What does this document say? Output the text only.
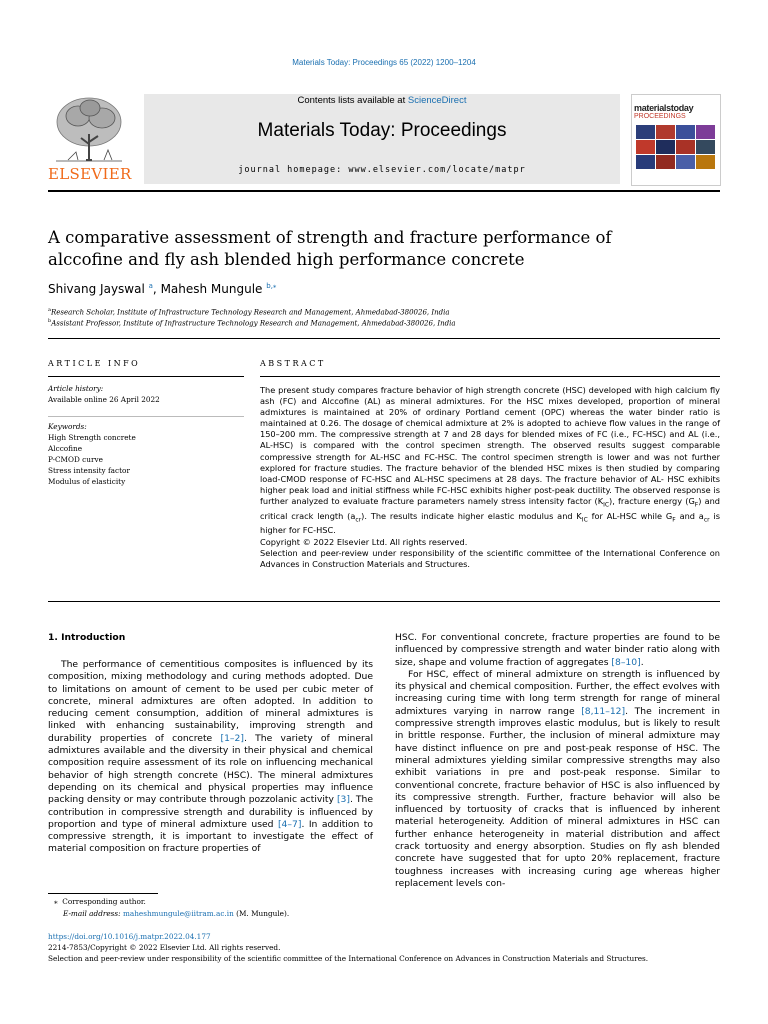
Materials Today: Proceedings 65 (2022) 1200–1204
ELSEVIER
Contents lists available at ScienceDirect
Materials Today: Proceedings
journal homepage: www.elsevier.com/locate/matpr
materialstoday
PROCEEDINGS
A comparative assessment of strength and fracture performance of
alccofine and fly ash blended high performance concrete
Shivang Jayswal $^a$, Mahesh Mungule $^{b,⁎}$
$^a$Research Scholar, Institute of Infrastructure Technology Research and Management, Ahmedabad-380026, India
$^b$Assistant Professor, Institute of Infrastructure Technology Research and Management, Ahmedabad-380026, India
ARTICLE INFO
Article history:
Available online 26 April 2022
Keywords:
High Strength concrete
Alccofine
P-CMOD curve
Stress intensity factor
Modulus of elasticity
ABSTRACT

The present study compares fracture behavior of high strength concrete (HSC) developed with high calcium fly ash (FC) and Alccofine (AL) as mineral admixtures. For the HSC mixes developed, proportion of mineral admixtures is maintained at 20% of ordinary Portland cement (OPC) whereas the water binder ratio is maintained at 0.26. The dosage of chemical admixture at 2% is adopted to achieve flow values in the range of 150–200 mm. The compressive strength at 7 and 28 days for blended mixes of FC (i.e., FC-HSC) and AL (i.e., AL-HSC) is compared with the control specimen strength. The observed results suggest comparable compressive strength for AL-HSC and FC-HSC. The control specimen strength is lower and was not further explored for fracture studies. The fracture behavior of the blended HSC mixes is then studied by comparing load-CMOD response of FC-HSC and AL-HSC specimens at 28 days. The fracture behavior of AL- HSC exhibits higher peak load and initial stiffness while FC-HSC exhibits higher post-peak ductility. The observed response is further analyzed to evaluate fracture parameters namely stress intensity factor $(K_{IC})$, fracture energy $(G_F)$ and critical crack length $(a_{cr})$. The results indicate higher elastic modulus and $K_{IC}$ for AL-HSC while $G_F$ and $a_{cr}$ is higher for FC-HSC.

Copyright © 2022 Elsevier Ltd. All rights reserved.

Selection and peer-review under responsibility of the scientific committee of the International Conference on Advances in Construction Materials and Structures.

1. Introduction

The performance of cementitious composites is influenced by its composition, mixing methodology and curing methods adopted. Due to limitations on amount of cement to be used per cubic meter of concrete, mineral admixtures are often adopted. In addition to reducing cement consumption, addition of mineral admixtures is linked with enhancing sustainability, improving strength and durability properties of concrete [1–2]. The variety of mineral admixtures available and the diversity in their physical and chemical composition require assessment of its role on influencing mechanical behavior of high strength concrete (HSC). The mineral admixtures depending on its chemical and physical properties may influence packing density or may contribute through pozzolanic activity [3]. The contribution in compressive strength and durability is influenced by proportion and type of mineral admixture used [4–7]. In addition to compressive strength, it is important to investigate the effect of material composition on fracture properties of

HSC. For conventional concrete, fracture properties are found to be influenced by compressive strength and water binder ratio along with size, shape and volume fraction of aggregates [8–10].

For HSC, effect of mineral admixture on strength is influenced by its physical and chemical composition. Further, the effect evolves with increasing curing time with long term strength for range of mineral admixtures varying in narrow range [8,11–12]. The increment in compressive strength improves elastic modulus, but is likely to result in brittle response. Further, the inclusion of mineral admixture may have distinct influence on pre and post-peak response of HSC. The mineral admixtures yielding similar compressive strengths may also exhibit variations in pre and post-peak response. Similar to conventional concrete, fracture behavior of HSC is also influenced by its compressive strength. Further, fracture behavior will also be influenced by tortuosity of cracks that is influenced by inherent material heterogeneity. Addition of mineral admixtures in HSC can further enhance heterogeneity in material distribution and affect crack tortuosity and energy absorption. Studies on fly ash blended concrete have suggested that for upto 20% replacement, fracture toughness increases with increasing curing age whereas higher replacement levels con-

⁎ Corresponding author.
E-mail address: maheshmungule@iitram.ac.in (M. Mungule).
https://doi.org/10.1016/j.matpr.2022.04.177
2214-7853/Copyright © 2022 Elsevier Ltd. All rights reserved.
Selection and peer-review under responsibility of the scientific committee of the International Conference on Advances in Construction Materials and Structures.
